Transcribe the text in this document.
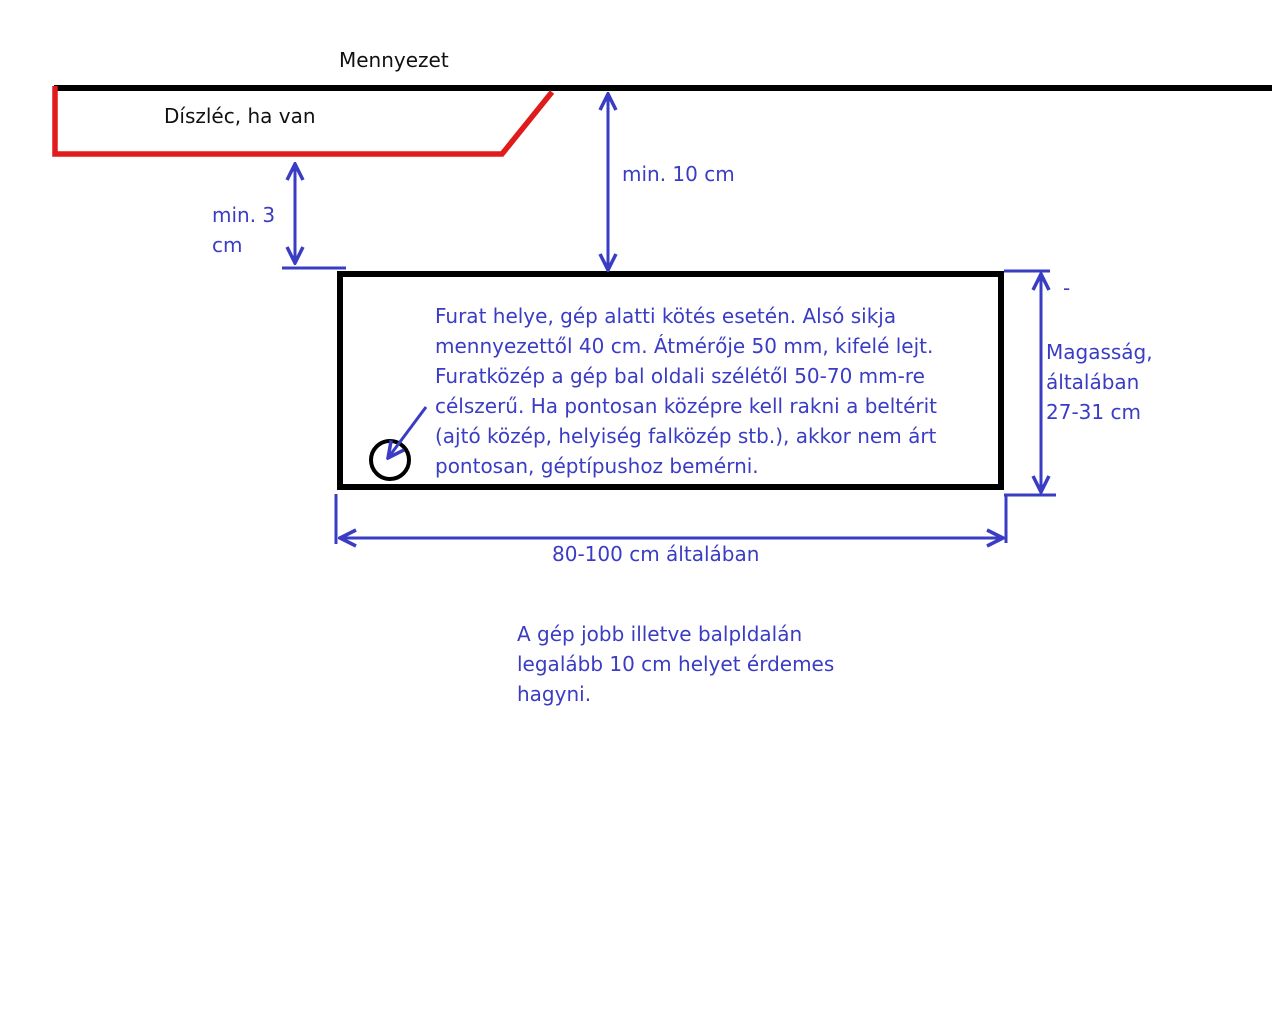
Mennyezet
Díszléc, ha van
min. 10 cm
min. 3
cm
Furat helye, gép alatti kötés esetén. Alsó sikja
mennyezettől 40 cm. Átmérője 50 mm, kifelé lejt.
Furatközép a gép bal oldali szélétől 50-70 mm-re
célszerű. Ha pontosan középre kell rakni a beltérit
(ajtó közép, helyiség falközép stb.), akkor nem árt
pontosan, géptípushoz bemérni.
-
Magasság,
általában
27-31 cm
80-100 cm általában
A gép jobb illetve balpldalán
legalább 10 cm helyet érdemes
hagyni.
